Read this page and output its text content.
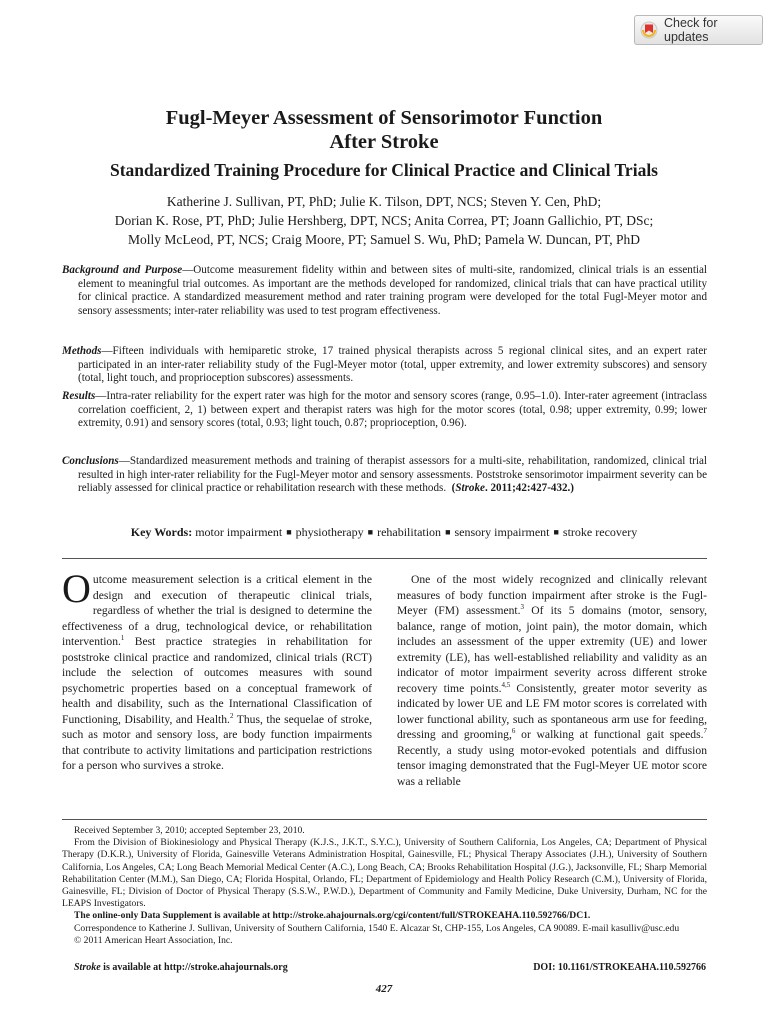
Check for updates
Fugl-Meyer Assessment of Sensorimotor Function
After Stroke
Standardized Training Procedure for Clinical Practice and Clinical Trials
Katherine J. Sullivan, PT, PhD; Julie K. Tilson, DPT, NCS; Steven Y. Cen, PhD;
Dorian K. Rose, PT, PhD; Julie Hershberg, DPT, NCS; Anita Correa, PT; Joann Gallichio, PT, DSc;
Molly McLeod, PT, NCS; Craig Moore, PT; Samuel S. Wu, PhD; Pamela W. Duncan, PT, PhD

Background and Purpose—Outcome measurement fidelity within and between sites of multi-site, randomized, clinical trials is an essential element to meaningful trial outcomes. As important are the methods developed for randomized, clinical trials that can have practical utility for clinical practice. A standardized measurement method and rater training program were developed for the total Fugl-Meyer motor and sensory assessments; inter-rater reliability was used to test program effectiveness.

Methods—Fifteen individuals with hemiparetic stroke, 17 trained physical therapists across 5 regional clinical sites, and an expert rater participated in an inter-rater reliability study of the Fugl-Meyer motor (total, upper extremity, and lower extremity subscores) and sensory (total, light touch, and proprioception subscores) assessments.

Results—Intra-rater reliability for the expert rater was high for the motor and sensory scores (range, 0.95–1.0). Inter-rater agreement (intraclass correlation coefficient, 2, 1) between expert and therapist raters was high for the motor scores (total, 0.98; upper extremity, 0.99; lower extremity, 0.91) and sensory scores (total, 0.93; light touch, 0.87; proprioception, 0.96).

Conclusions—Standardized measurement methods and training of therapist assessors for a multi-site, rehabilitation, randomized, clinical trial resulted in high inter-rater reliability for the Fugl-Meyer motor and sensory assessments. Poststroke sensorimotor impairment severity can be reliably assessed for clinical practice or rehabilitation research with these methods. (Stroke. 2011;42:427-432.)

Key Words: motor impairment ■ physiotherapy ■ rehabilitation ■ sensory impairment ■ stroke recovery

Outcome measurement selection is a critical element in the design and execution of therapeutic clinical trials, regardless of whether the trial is designed to determine the effectiveness of a drug, technological device, or rehabilitation intervention.$^1$ Best practice strategies in rehabilitation for poststroke clinical practice and randomized, clinical trials (RCT) include the selection of outcomes measures with sound psychometric properties based on a conceptual framework of health and disability, such as the International Classification of Functioning, Disability, and Health.$^2$ Thus, the sequelae of stroke, such as motor and sensory loss, are body function impairments that contribute to activity limitations and participation restrictions for a person who survives a stroke.

One of the most widely recognized and clinically relevant measures of body function impairment after stroke is the Fugl-Meyer (FM) assessment.$^3$ Of its 5 domains (motor, sensory, balance, range of motion, joint pain), the motor domain, which includes an assessment of the upper extremity (UE) and lower extremity (LE), has well-established reliability and validity as an indicator of motor impairment severity across different stroke recovery time points.$^{4,5}$ Consistently, greater motor severity as indicated by lower UE and LE FM motor scores is correlated with lower functional ability, such as spontaneous arm use for feeding, dressing and grooming,$^6$ or walking at functional gait speeds.$^7$ Recently, a study using motor-evoked potentials and diffusion tensor imaging demonstrated that the Fugl-Meyer UE motor score was a reliable

Received September 3, 2010; accepted September 23, 2010.

From the Division of Biokinesiology and Physical Therapy (K.J.S., J.K.T., S.Y.C.), University of Southern California, Los Angeles, CA; Department of Physical Therapy (D.K.R.), University of Florida, Gainesville Veterans Administration Hospital, Gainesville, FL; Physical Therapy Associates (J.H.), University of Southern California, Los Angeles, CA; Long Beach Memorial Medical Center (A.C.), Long Beach, CA; Brooks Rehabilitation Hospital (J.G.), Jacksonville, FL; Sharp Memorial Rehabilitation Center (M.M.), San Diego, CA; Florida Hospital, Orlando, FL; Department of Epidemiology and Health Policy Research (C.M.), University of Florida, Gainesville, FL; Division of Doctor of Physical Therapy (S.S.W., P.W.D.), Department of Community and Family Medicine, Duke University, Durham, NC for the LEAPS Investigators.

The online-only Data Supplement is available at http://stroke.ahajournals.org/cgi/content/full/STROKEAHA.110.592766/DC1.

Correspondence to Katherine J. Sullivan, University of Southern California, 1540 E. Alcazar St, CHP-155, Los Angeles, CA 90089. E-mail kasulliv@usc.edu

© 2011 American Heart Association, Inc.

Stroke is available at http://stroke.ahajournals.org	DOI: 10.1161/STROKEAHA.110.592766
427
